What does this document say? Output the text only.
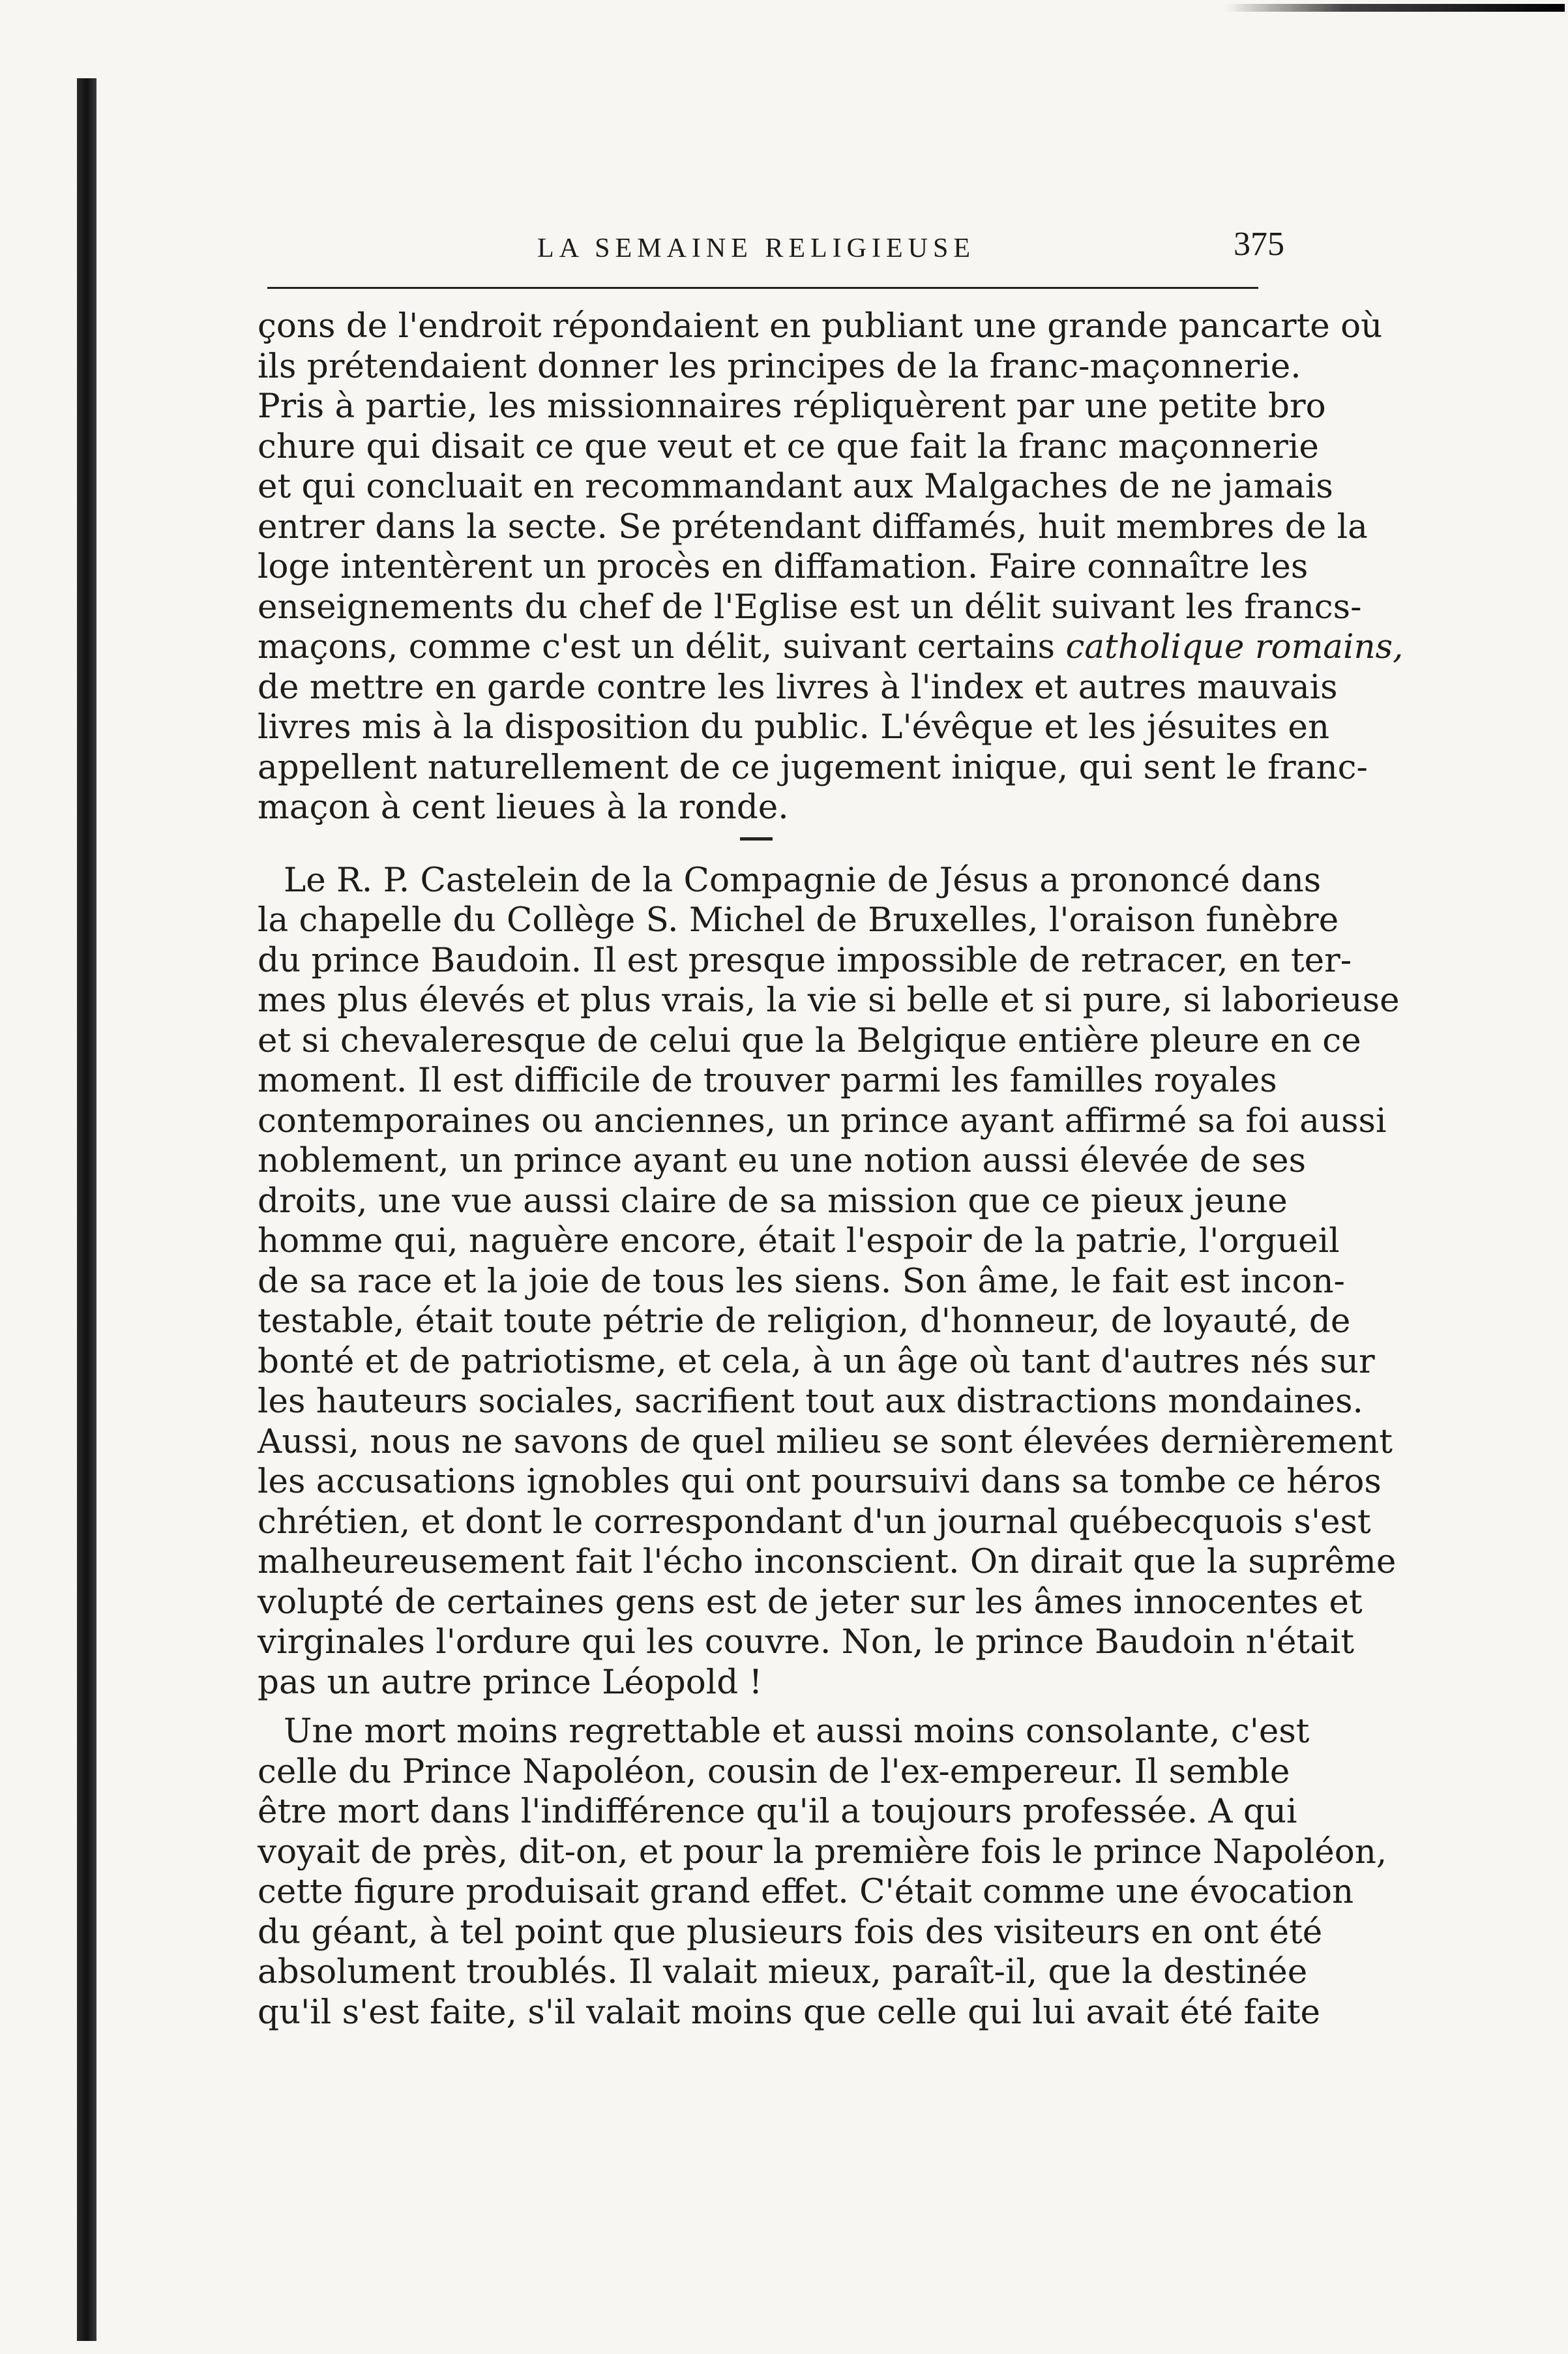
LA SEMAINE RELIGIEUSE	375
çons de l'endroit répondaient en publiant une grande pancarte où
ils prétendaient donner les principes de la franc-maçonnerie.
Pris à partie, les missionnaires répliquèrent par une petite bro
chure qui disait ce que veut et ce que fait la franc maçonnerie
et qui concluait en recommandant aux Malgaches de ne jamais
entrer dans la secte. Se prétendant diffamés, huit membres de la
loge intentèrent un procès en diffamation. Faire connaître les
enseignements du chef de l'Eglise est un délit suivant les francs-
maçons, comme c'est un délit, suivant certains catholique romains,
de mettre en garde contre les livres à l'index et autres mauvais
livres mis à la disposition du public. L'évêque et les jésuites en
appellent naturellement de ce jugement inique, qui sent le franc-
maçon à cent lieues à la ronde.
Le R. P. Castelein de la Compagnie de Jésus a prononcé dans
la chapelle du Collège S. Michel de Bruxelles, l'oraison funèbre
du prince Baudoin. Il est presque impossible de retracer, en ter-
mes plus élevés et plus vrais, la vie si belle et si pure, si laborieuse
et si chevaleresque de celui que la Belgique entière pleure en ce
moment. Il est difficile de trouver parmi les familles royales
contemporaines ou anciennes, un prince ayant affirmé sa foi aussi
noblement, un prince ayant eu une notion aussi élevée de ses
droits, une vue aussi claire de sa mission que ce pieux jeune
homme qui, naguère encore, était l'espoir de la patrie, l'orgueil
de sa race et la joie de tous les siens. Son âme, le fait est incon-
testable, était toute pétrie de religion, d'honneur, de loyauté, de
bonté et de patriotisme, et cela, à un âge où tant d'autres nés sur
les hauteurs sociales, sacrifient tout aux distractions mondaines.
Aussi, nous ne savons de quel milieu se sont élevées dernièrement
les accusations ignobles qui ont poursuivi dans sa tombe ce héros
chrétien, et dont le correspondant d'un journal québecquois s'est
malheureusement fait l'écho inconscient. On dirait que la suprême
volupté de certaines gens est de jeter sur les âmes innocentes et
virginales l'ordure qui les couvre. Non, le prince Baudoin n'était
pas un autre prince Léopold !
Une mort moins regrettable et aussi moins consolante, c'est
celle du Prince Napoléon, cousin de l'ex-empereur. Il semble
être mort dans l'indifférence qu'il a toujours professée. A qui
voyait de près, dit-on, et pour la première fois le prince Napoléon,
cette figure produisait grand effet. C'était comme une évocation
du géant, à tel point que plusieurs fois des visiteurs en ont été
absolument troublés. Il valait mieux, paraît-il, que la destinée
qu'il s'est faite, s'il valait moins que celle qui lui avait été faite
